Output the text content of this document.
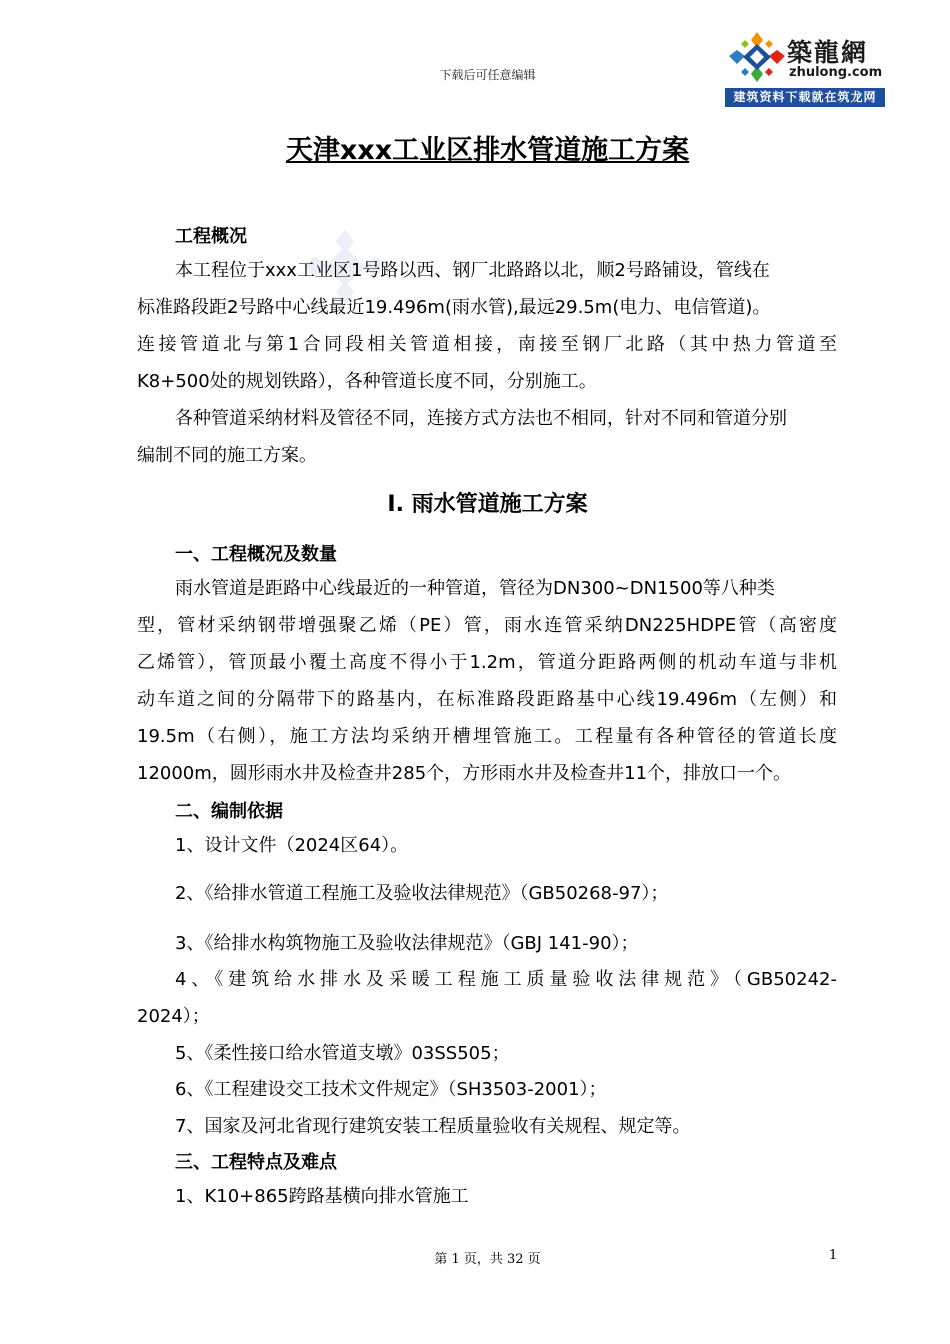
下载后可任意编辑
築龍網
zhulong.com
建筑资料下载就在筑龙网
天津xxx工业区排水管道施工方案
工程概况
本工程位于xxx工业区1号路以西、钢厂北路路以北，顺2号路铺设，管线在
标准路段距2号路中心线最近19.496m(雨水管),最远29.5m(电力、电信管道)。
连接管道北与第1合同段相关管道相接，南接至钢厂北路（其中热力管道至
K8+500处的规划铁路），各种管道长度不同，分别施工。
各种管道采纳材料及管径不同，连接方式方法也不相同，针对不同和管道分别
编制不同的施工方案。
I. 雨水管道施工方案
一、工程概况及数量
雨水管道是距路中心线最近的一种管道，管径为DN300~DN1500等八种类
型，管材采纳钢带增强聚乙烯（PE）管，雨水连管采纳DN225HDPE管（高密度
乙烯管），管顶最小覆土高度不得小于1.2m，管道分距路两侧的机动车道与非机
动车道之间的分隔带下的路基内，在标准路段距路基中心线19.496m（左侧）和
19.5m（右侧），施工方法均采纳开槽埋管施工。工程量有各种管径的管道长度
12000m，圆形雨水井及检查井285个，方形雨水井及检查井11个，排放口一个。
二、编制依据
1、设计文件（2024区64）。
2、《给排水管道工程施工及验收法律规范》（GB50268-97）；
3、《给排水构筑物施工及验收法律规范》（GBJ 141-90）；
4、《建筑给水排水及采暖工程施工质量验收法律规范》（GB50242-
2024）；
5、《柔性接口给水管道支墩》03SS505；
6、《工程建设交工技术文件规定》（SH3503-2001）；
7、国家及河北省现行建筑安装工程质量验收有关规程、规定等。
三、工程特点及难点
1、K10+865跨路基横向排水管施工
第 1 页，共 32 页	1
